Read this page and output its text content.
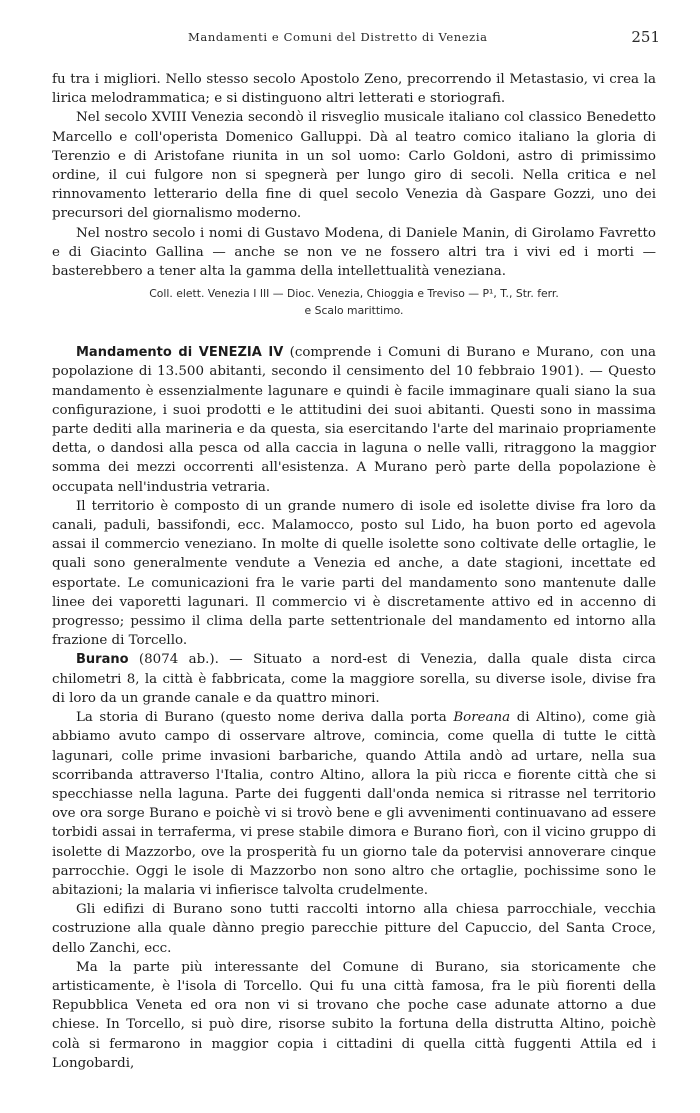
Mandamenti e Comuni del Distretto di Venezia	251

fu tra i migliori. Nello stesso secolo Apostolo Zeno, precorrendo il Metastasio, vi crea la lirica melodrammatica; e si distinguono altri letterati e storiografi.

Nel secolo XVIII Venezia secondò il risveglio musicale italiano col classico Benedetto Marcello e coll'operista Domenico Galluppi. Dà al teatro comico italiano la gloria di Terenzio e di Aristofane riunita in un sol uomo: Carlo Goldoni, astro di primissimo ordine, il cui fulgore non si spegnerà per lungo giro di secoli. Nella critica e nel rinnovamento letterario della fine di quel secolo Venezia dà Gaspare Gozzi, uno dei precursori del giornalismo moderno.

Nel nostro secolo i nomi di Gustavo Modena, di Daniele Manin, di Girolamo Favretto e di Giacinto Gallina — anche se non ve ne fossero altri tra i vivi ed i morti — basterebbero a tener alta la gamma della intellettualità veneziana.

Coll. elett. Venezia I III — Dioc. Venezia, Chioggia e Treviso — P¹, T., Str. ferr.
e Scalo marittimo.

Mandamento di VENEZIA IV (comprende i Comuni di Burano e Murano, con una popolazione di 13.500 abitanti, secondo il censimento del 10 febbraio 1901). — Questo mandamento è essenzialmente lagunare e quindi è facile immaginare quali siano la sua configurazione, i suoi prodotti e le attitudini dei suoi abitanti. Questi sono in massima parte dediti alla marineria e da questa, sia esercitando l'arte del marinaio propriamente detta, o dandosi alla pesca od alla caccia in laguna o nelle valli, ritraggono la maggior somma dei mezzi occorrenti all'esistenza. A Murano però parte della popolazione è occupata nell'industria vetraria.

Il territorio è composto di un grande numero di isole ed isolette divise fra loro da canali, paduli, bassifondi, ecc. Malamocco, posto sul Lido, ha buon porto ed agevola assai il commercio veneziano. In molte di quelle isolette sono coltivate delle ortaglie, le quali sono generalmente vendute a Venezia ed anche, a date stagioni, incettate ed esportate. Le comunicazioni fra le varie parti del mandamento sono mantenute dalle linee dei vaporetti lagunari. Il commercio vi è discretamente attivo ed in accenno di progresso; pessimo il clima della parte settentrionale del mandamento ed intorno alla frazione di Torcello.

Burano (8074 ab.). — Situato a nord-est di Venezia, dalla quale dista circa chilometri 8, la città è fabbricata, come la maggiore sorella, su diverse isole, divise fra di loro da un grande canale e da quattro minori.

La storia di Burano (questo nome deriva dalla porta Boreana di Altino), come già abbiamo avuto campo di osservare altrove, comincia, come quella di tutte le città lagunari, colle prime invasioni barbariche, quando Attila andò ad urtare, nella sua scorribanda attraverso l'Italia, contro Altino, allora la più ricca e fiorente città che si specchiasse nella laguna. Parte dei fuggenti dall'onda nemica si ritrasse nel territorio ove ora sorge Burano e poichè vi si trovò bene e gli avvenimenti continuavano ad essere torbidi assai in terraferma, vi prese stabile dimora e Burano fiorì, con il vicino gruppo di isolette di Mazzorbo, ove la prosperità fu un giorno tale da potervisi annoverare cinque parrocchie. Oggi le isole di Mazzorbo non sono altro che ortaglie, pochissime sono le abitazioni; la malaria vi infierisce talvolta crudelmente.

Gli edifizi di Burano sono tutti raccolti intorno alla chiesa parrocchiale, vecchia costruzione alla quale dànno pregio parecchie pitture del Capuccio, del Santa Croce, dello Zanchi, ecc.

Ma la parte più interessante del Comune di Burano, sia storicamente che artisticamente, è l'isola di Torcello. Qui fu una città famosa, fra le più fiorenti della Repubblica Veneta ed ora non vi si trovano che poche case adunate attorno a due chiese. In Torcello, si può dire, risorse subito la fortuna della distrutta Altino, poichè colà si fermarono in maggior copia i cittadini di quella città fuggenti Attila ed i Longobardi,
